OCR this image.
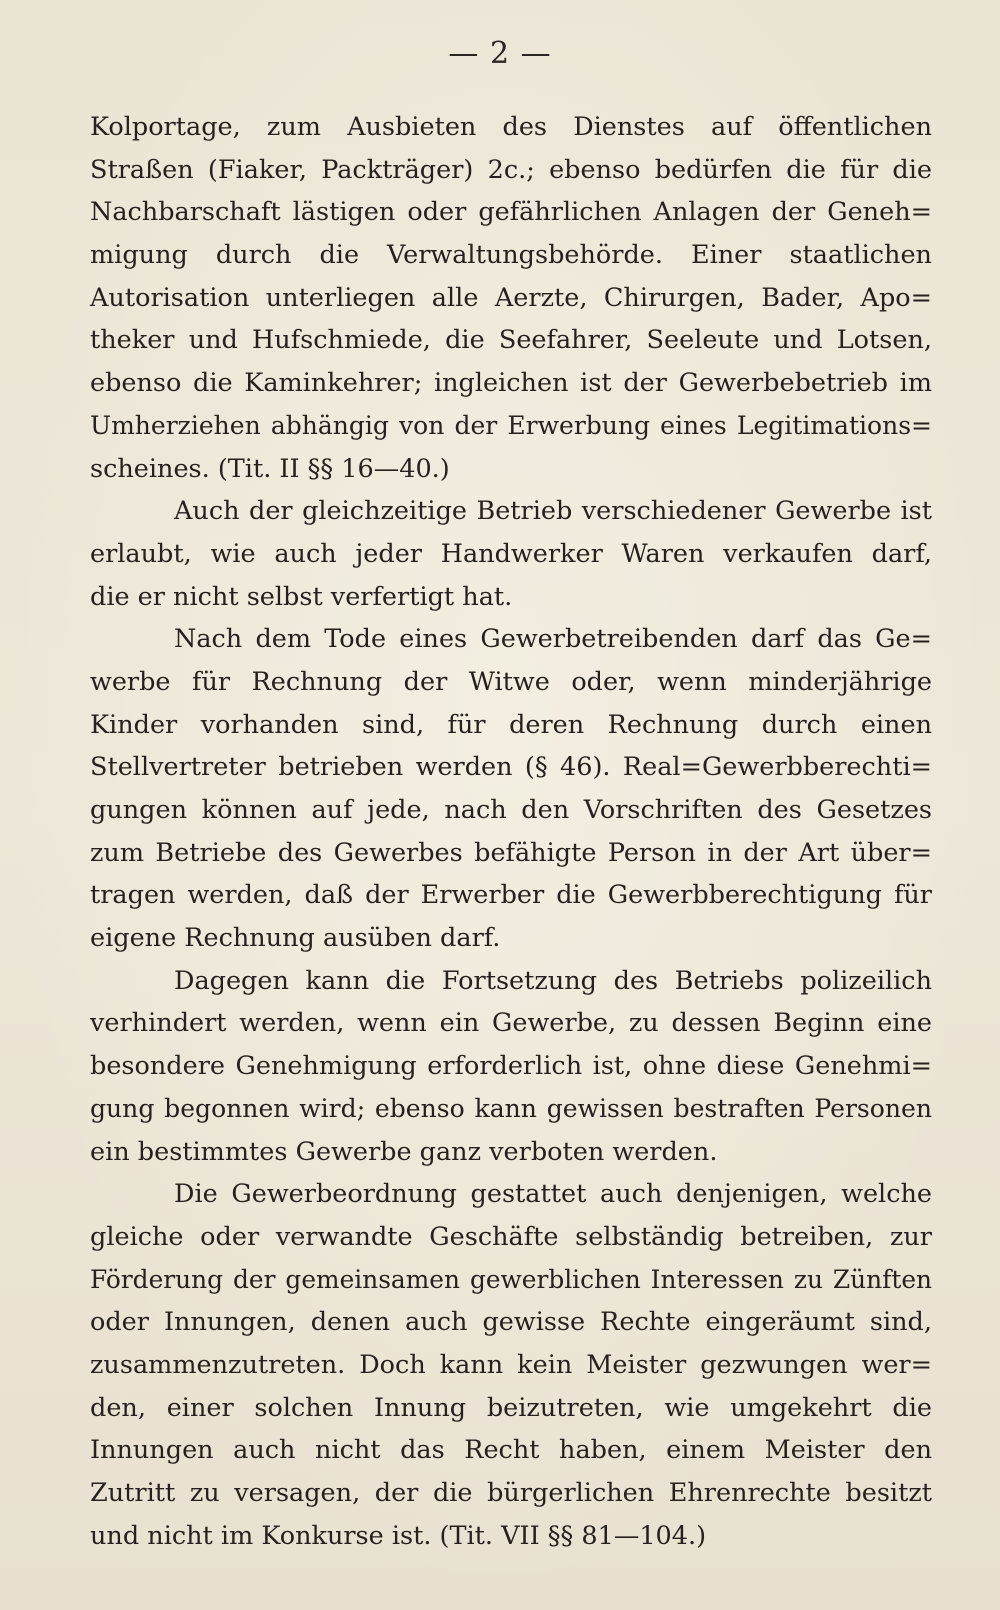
— 2 —
Kolportage, zum Ausbieten des Dienstes auf öffentlichen
Straßen (Fiaker, Packträger) 2c.; ebenso bedürfen die für die
Nachbarschaft lästigen oder gefährlichen Anlagen der Geneh=
migung durch die Verwaltungsbehörde. Einer staatlichen
Autorisation unterliegen alle Aerzte, Chirurgen, Bader, Apo=
theker und Hufschmiede, die Seefahrer, Seeleute und Lotsen,
ebenso die Kaminkehrer; ingleichen ist der Gewerbebetrieb im
Umherziehen abhängig von der Erwerbung eines Legitimations=
scheines. (Tit. II §§ 16—40.)
Auch der gleichzeitige Betrieb verschiedener Gewerbe ist
erlaubt, wie auch jeder Handwerker Waren verkaufen darf,
die er nicht selbst verfertigt hat.
Nach dem Tode eines Gewerbetreibenden darf das Ge=
werbe für Rechnung der Witwe oder, wenn minderjährige
Kinder vorhanden sind, für deren Rechnung durch einen
Stellvertreter betrieben werden (§ 46). Real=Gewerbberechti=
gungen können auf jede, nach den Vorschriften des Gesetzes
zum Betriebe des Gewerbes befähigte Person in der Art über=
tragen werden, daß der Erwerber die Gewerbberechtigung für
eigene Rechnung ausüben darf.
Dagegen kann die Fortsetzung des Betriebs polizeilich
verhindert werden, wenn ein Gewerbe, zu dessen Beginn eine
besondere Genehmigung erforderlich ist, ohne diese Genehmi=
gung begonnen wird; ebenso kann gewissen bestraften Personen
ein bestimmtes Gewerbe ganz verboten werden.
Die Gewerbeordnung gestattet auch denjenigen, welche
gleiche oder verwandte Geschäfte selbständig betreiben, zur
Förderung der gemeinsamen gewerblichen Interessen zu Zünften
oder Innungen, denen auch gewisse Rechte eingeräumt sind,
zusammenzutreten. Doch kann kein Meister gezwungen wer=
den, einer solchen Innung beizutreten, wie umgekehrt die
Innungen auch nicht das Recht haben, einem Meister den
Zutritt zu versagen, der die bürgerlichen Ehrenrechte besitzt
und nicht im Konkurse ist. (Tit. VII §§ 81—104.)
